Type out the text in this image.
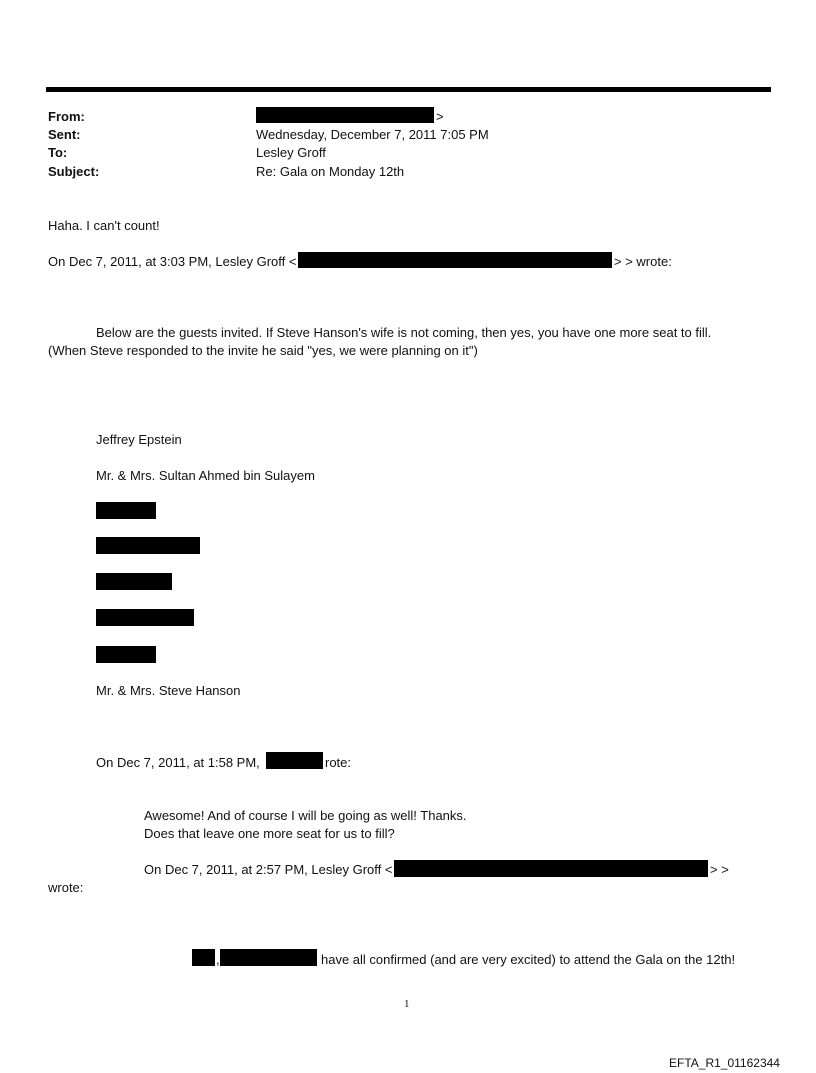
From:	>
Sent:	Wednesday, December 7, 2011 7:05 PM
To:	Lesley Groff
Subject:	Re: Gala on Monday 12th
Haha. I can't count!
On Dec 7, 2011, at 3:03 PM, Lesley Groff <	> > wrote:
Below are the guests invited. If Steve Hanson's wife is not coming, then yes, you have one more seat to fill.
(When Steve responded to the invite he said "yes, we were planning on it")
Jeffrey Epstein
Mr. & Mrs. Sultan Ahmed bin Sulayem
Mr. & Mrs. Steve Hanson
On Dec 7, 2011, at 1:58 PM,	rote:
Awesome! And of course I will be going as well! Thanks.
Does that leave one more seat for us to fill?
On Dec 7, 2011, at 2:57 PM, Lesley Groff <	> >
wrote:
,	have all confirmed (and are very excited) to attend the Gala on the 12th!
1
EFTA_R1_01162344
